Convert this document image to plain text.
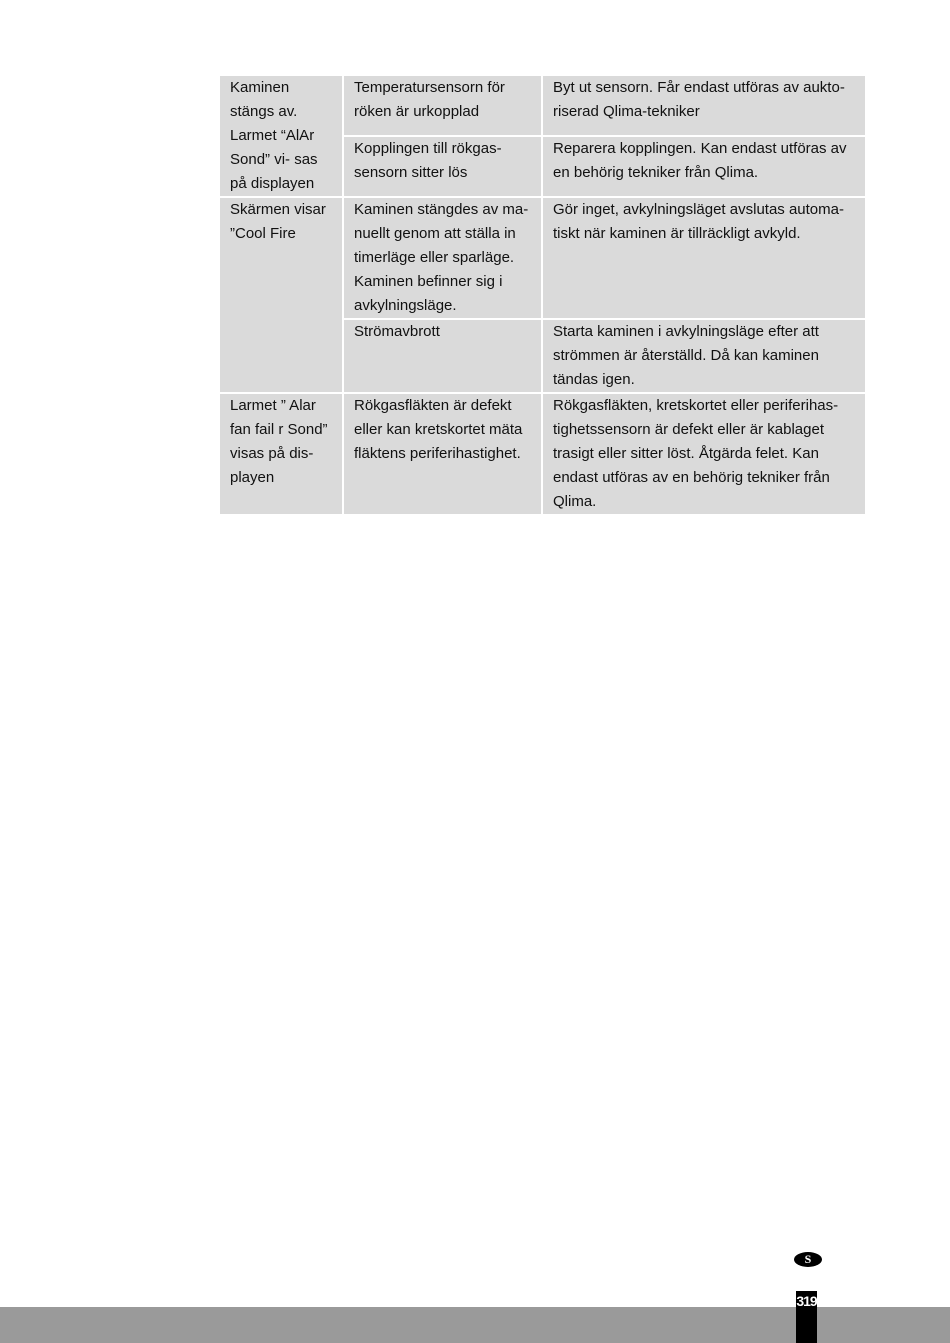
Kaminen stängs av. Larmet “AlAr Sond” vi- sas på displayen	Temperatursensorn för röken är urkopplad	Byt ut sensorn. Får endast utföras av aukto- riserad Qlima-tekniker

	Kopplingen till rökgas- sensorn sitter lös	Reparera kopplingen. Kan endast utföras av en behörig tekniker från Qlima.

Skärmen visar ”Cool Fire	Kaminen stängdes av ma- nuellt genom att ställa in timerläge eller sparläge. Kaminen befinner sig i avkylningsläge.	Gör inget, avkylningsläget avslutas automa- tiskt när kaminen är tillräckligt avkyld.

	Strömavbrott	Starta kaminen i avkylningsläge efter att strömmen är återställd. Då kan kaminen tändas igen.

Larmet ” Alar fan fail r Sond” visas på dis- playen	Rökgasfläkten är defekt eller kan kretskortet mäta fläktens periferihastighet.	Rökgasfläkten, kretskortet eller periferihas- tighetssensorn är defekt eller är kablaget trasigt eller sitter löst. Åtgärda felet. Kan endast utföras av en behörig tekniker från Qlima.
S
319
